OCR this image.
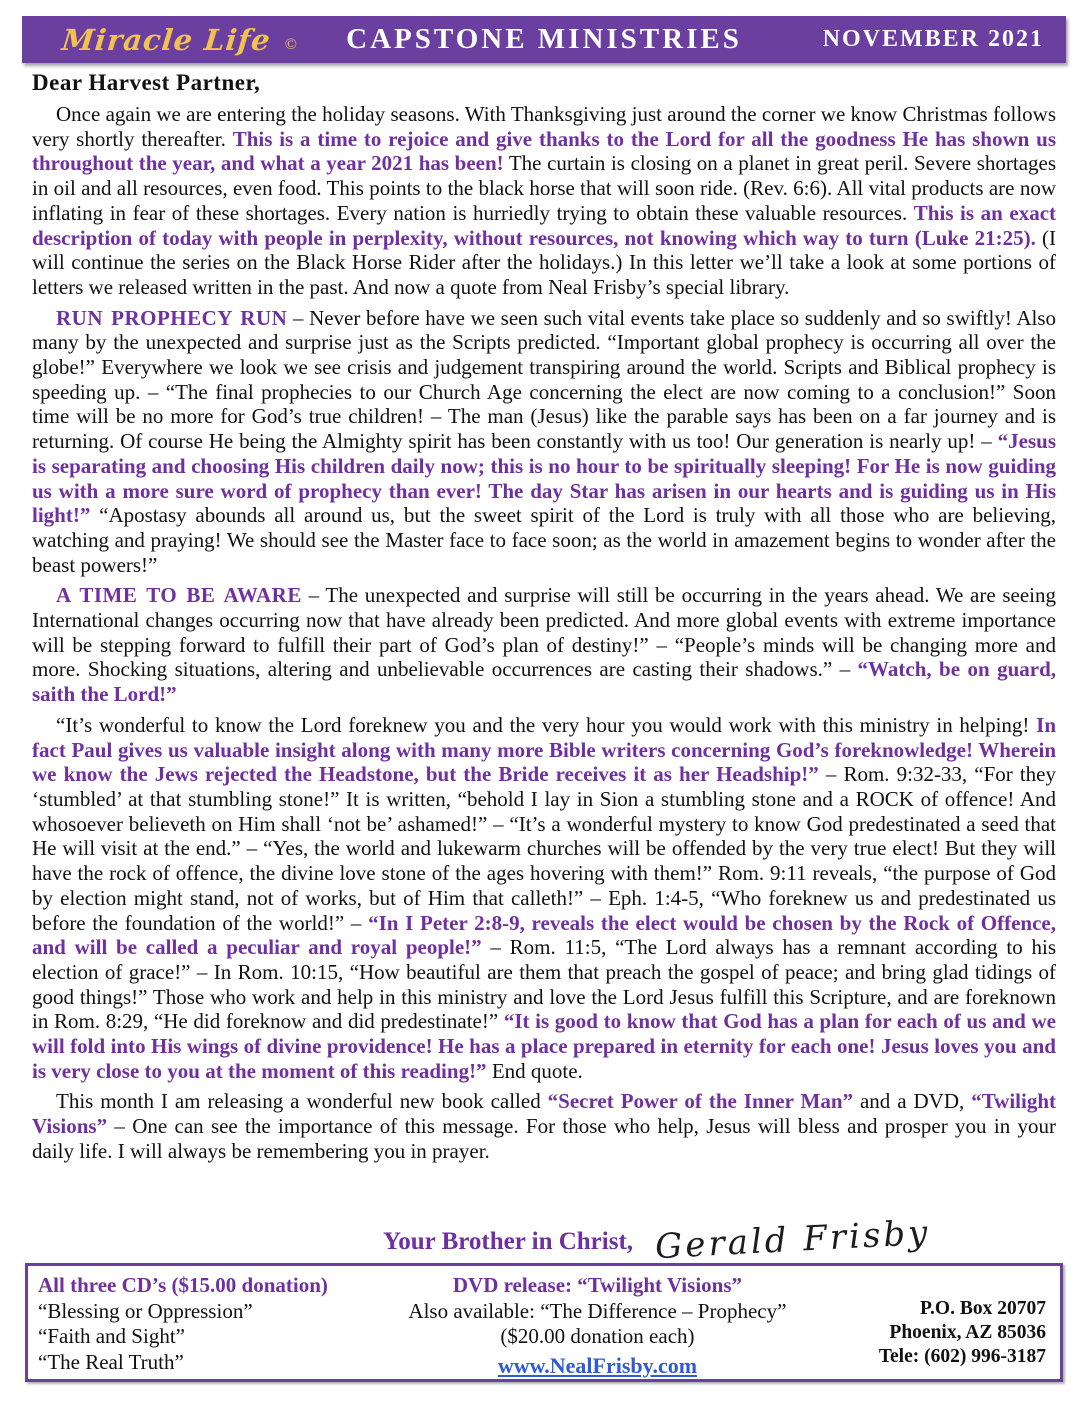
Miracle Life © CAPSTONE MINISTRIES	NOVEMBER 2021
Dear Harvest Partner,

Once again we are entering the holiday seasons. With Thanksgiving just around the corner we know Christmas follows very shortly thereafter. This is a time to rejoice and give thanks to the Lord for all the goodness He has shown us throughout the year, and what a year 2021 has been! The curtain is closing on a planet in great peril. Severe shortages in oil and all resources, even food. This points to the black horse that will soon ride. (Rev. 6:6). All vital products are now inflating in fear of these shortages. Every nation is hurriedly trying to obtain these valuable resources. This is an exact description of today with people in perplexity, without resources, not knowing which way to turn (Luke 21:25). (I will continue the series on the Black Horse Rider after the holidays.) In this letter we’ll take a look at some portions of letters we released written in the past. And now a quote from Neal Frisby’s special library.

RUN PROPHECY RUN – Never before have we seen such vital events take place so suddenly and so swiftly! Also many by the unexpected and surprise just as the Scripts predicted. “Important global prophecy is occurring all over the globe!” Everywhere we look we see crisis and judgement transpiring around the world. Scripts and Biblical prophecy is speeding up. – “The final prophecies to our Church Age concerning the elect are now coming to a conclusion!” Soon time will be no more for God’s true children! – The man (Jesus) like the parable says has been on a far journey and is returning. Of course He being the Almighty spirit has been constantly with us too! Our generation is nearly up! – “Jesus is separating and choosing His children daily now; this is no hour to be spiritually sleeping! For He is now guiding us with a more sure word of prophecy than ever! The day Star has arisen in our hearts and is guiding us in His light!” “Apostasy abounds all around us, but the sweet spirit of the Lord is truly with all those who are believing, watching and praying! We should see the Master face to face soon; as the world in amazement begins to wonder after the beast powers!”

A TIME TO BE AWARE – The unexpected and surprise will still be occurring in the years ahead. We are seeing International changes occurring now that have already been predicted. And more global events with extreme importance will be stepping forward to fulfill their part of God’s plan of destiny!” – “People’s minds will be changing more and more. Shocking situations, altering and unbelievable occurrences are casting their shadows.” – “Watch, be on guard, saith the Lord!”

“It’s wonderful to know the Lord foreknew you and the very hour you would work with this ministry in helping! In fact Paul gives us valuable insight along with many more Bible writers concerning God’s foreknowledge! Wherein we know the Jews rejected the Headstone, but the Bride receives it as her Headship!” – Rom. 9:32-33, “For they ‘stumbled’ at that stumbling stone!” It is written, “behold I lay in Sion a stumbling stone and a ROCK of offence! And whosoever believeth on Him shall ‘not be’ ashamed!” – “It’s a wonderful mystery to know God predestinated a seed that He will visit at the end.” – “Yes, the world and lukewarm churches will be offended by the very true elect! But they will have the rock of offence, the divine love stone of the ages hovering with them!” Rom. 9:11 reveals, “the purpose of God by election might stand, not of works, but of Him that calleth!” – Eph. 1:4-5, “Who foreknew us and predestinated us before the foundation of the world!” – “In I Peter 2:8-9, reveals the elect would be chosen by the Rock of Offence, and will be called a peculiar and royal people!” – Rom. 11:5, “The Lord always has a remnant according to his election of grace!” – In Rom. 10:15, “How beautiful are them that preach the gospel of peace; and bring glad tidings of good things!” Those who work and help in this ministry and love the Lord Jesus fulfill this Scripture, and are foreknown in Rom. 8:29, “He did foreknow and did predestinate!” “It is good to know that God has a plan for each of us and we will fold into His wings of divine providence! He has a place prepared in eternity for each one! Jesus loves you and is very close to you at the moment of this reading!” End quote.

This month I am releasing a wonderful new book called “Secret Power of the Inner Man” and a DVD, “Twilight Visions” – One can see the importance of this message. For those who help, Jesus will bless and prosper you in your daily life. I will always be remembering you in prayer.

Your Brother in Christ, Gerald Frisby
All three CD’s ($15.00 donation)
“Blessing or Oppression”
“Faith and Sight”
“The Real Truth”
DVD release: “Twilight Visions”
Also available: “The Difference – Prophecy”
($20.00 donation each)
www.NealFrisby.com
P.O. Box 20707
Phoenix, AZ 85036
Tele: (602) 996-3187
